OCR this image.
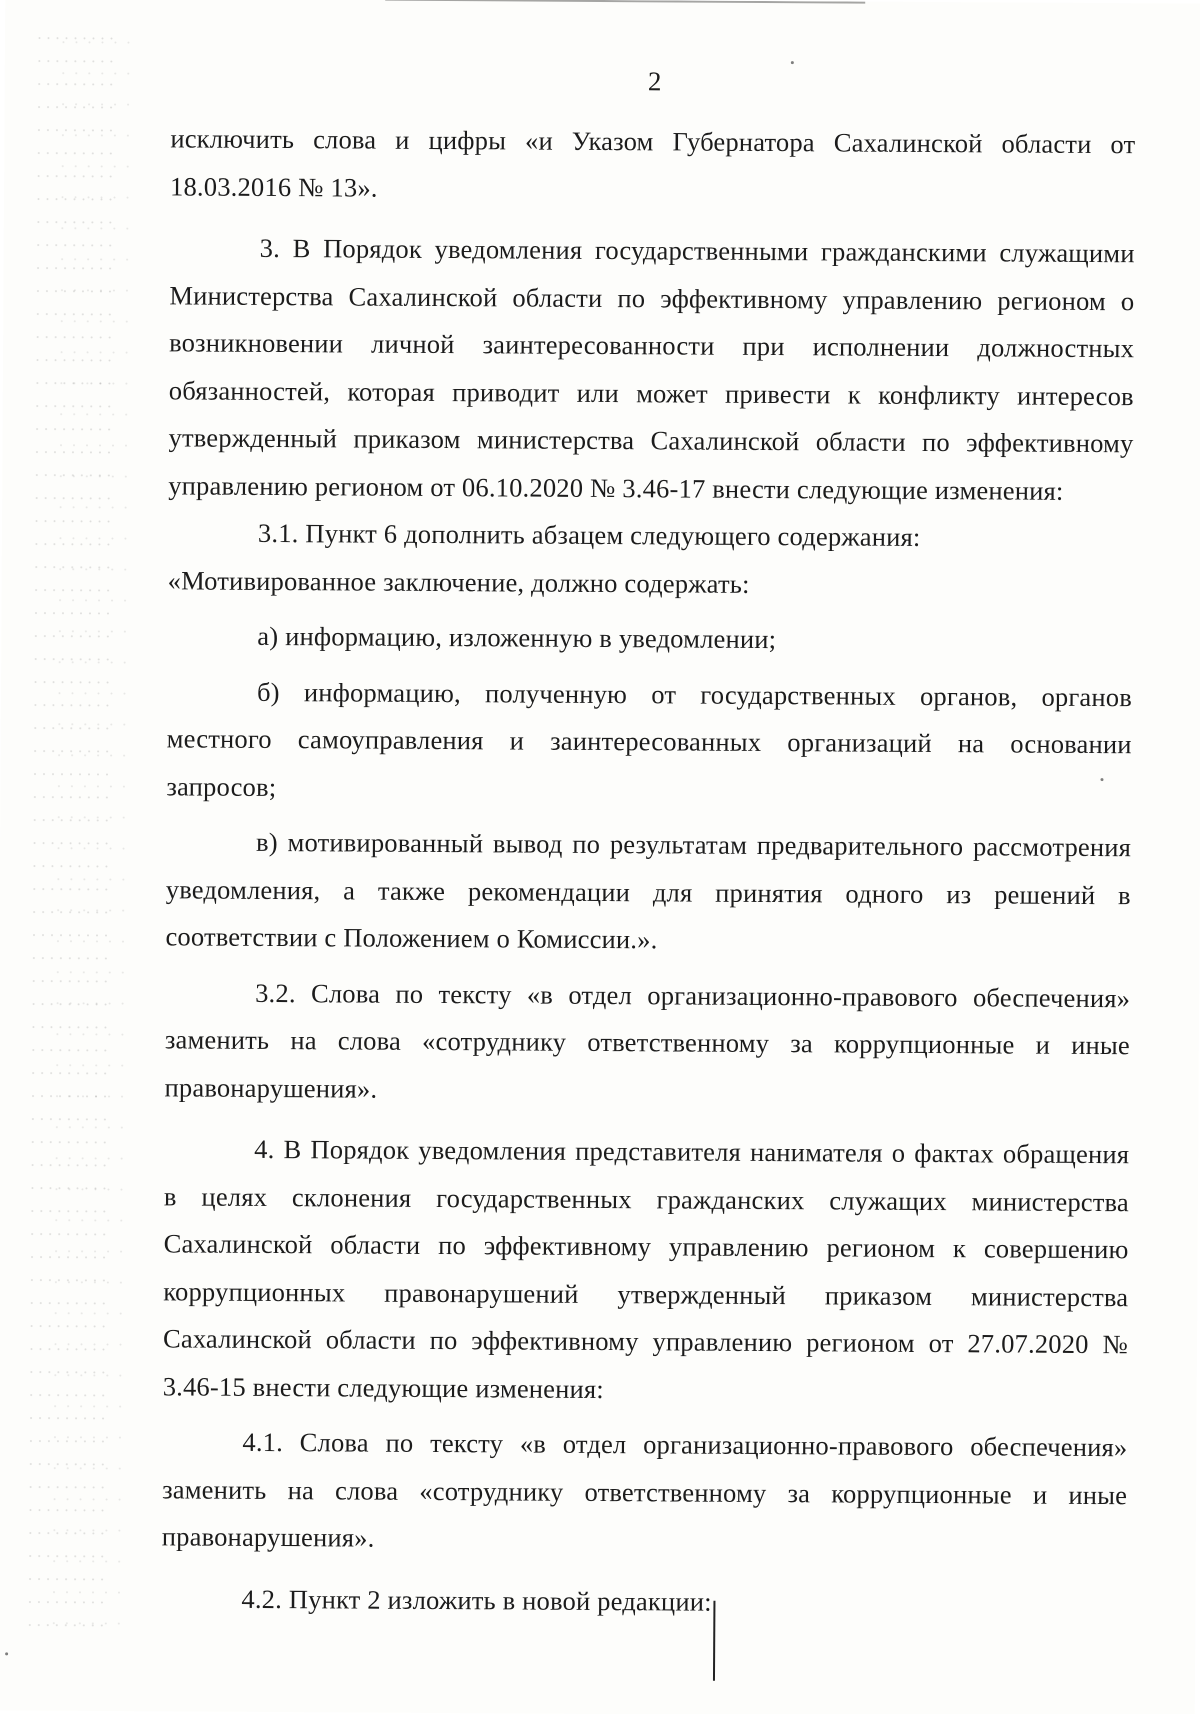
2

исключить слова и цифры «и Указом Губернатора Сахалинской области от 18.03.2016 № 13».

3. В Порядок уведомления государственными гражданскими служащими Министерства Сахалинской области по эффективному управлению регионом о возникновении личной заинтересованности при исполнении должностных обязанностей, которая приводит или может привести к конфликту интересов утвержденный приказом министерства Сахалинской области по эффективному управлению регионом от 06.10.2020 № 3.46-17 внести следующие изменения:

3.1. Пункт 6 дополнить абзацем следующего содержания:

«Мотивированное заключение, должно содержать:

а) информацию, изложенную в уведомлении;

б) информацию, полученную от государственных органов, органов местного самоуправления и заинтересованных организаций на основании запросов;

в) мотивированный вывод по результатам предварительного рассмотрения уведомления, а также рекомендации для принятия одного из решений в соответствии с Положением о Комиссии.».

3.2. Слова по тексту «в отдел организационно-правового обеспечения» заменить на слова «сотруднику ответственному за коррупционные и иные правонарушения».

4. В Порядок уведомления представителя нанимателя о фактах обращения в целях склонения государственных гражданских служащих министерства Сахалинской области по эффективному управлению регионом к совершению коррупционных правонарушений утвержденный приказом министерства Сахалинской области по эффективному управлению регионом от 27.07.2020 № 3.46-15 внести следующие изменения:

4.1. Слова по тексту «в отдел организационно-правового обеспечения» заменить на слова «сотруднику ответственному за коррупционные и иные правонарушения».

4.2. Пункт 2 изложить в новой редакции:
